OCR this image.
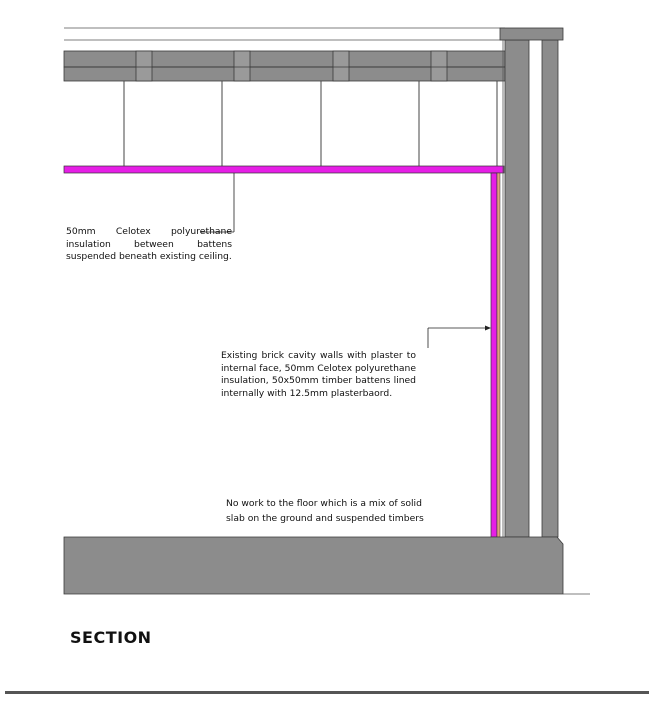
50mm Celotex polyurethane insulation between battens suspended beneath existing ceiling.

Existing brick cavity walls with plaster to internal face, 50mm Celotex polyurethane insulation, 50x50mm timber battens lined internally with 12.5mm plasterbaord.

No work to the floor which is a mix of solid slab on the ground and suspended timbers

SECTION
